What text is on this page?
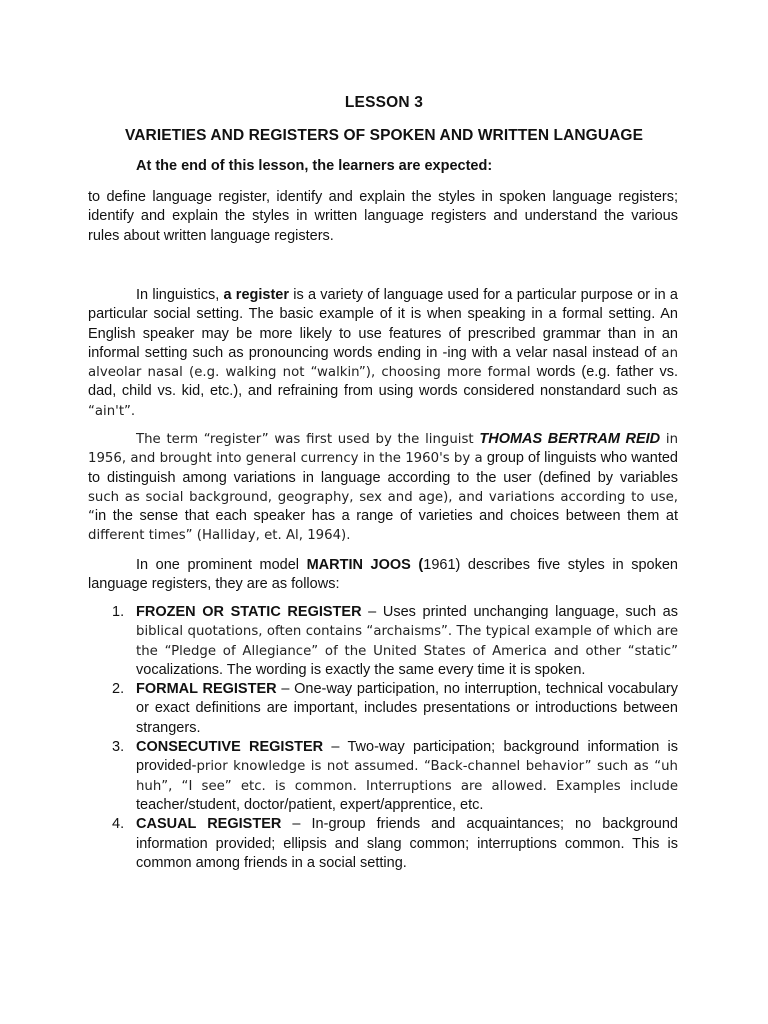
LESSON 3
VARIETIES AND REGISTERS OF SPOKEN AND WRITTEN LANGUAGE
At the end of this lesson, the learners are expected:
to define language register, identify and explain the styles in spoken language registers; identify and explain the styles in written language registers and understand the various rules about written language registers.
In linguistics, a register is a variety of language used for a particular purpose or in a particular social setting. The basic example of it is when speaking in a formal setting. An English speaker may be more likely to use features of prescribed grammar than in an informal setting such as pronouncing words ending in -ing with a velar nasal instead of an alveolar nasal (e.g. walking not “walkin”), choosing more formal words (e.g. father vs. dad, child vs. kid, etc.), and refraining from using words considered nonstandard such as “ain't”.
The term “register” was first used by the linguist THOMAS BERTRAM REID in 1956, and brought into general currency in the 1960's by a group of linguists who wanted to distinguish among variations in language according to the user (defined by variables such as social background, geography, sex and age), and variations according to use, “in the sense that each speaker has a range of varieties and choices between them at different times” (Halliday, et. Al, 1964).
In one prominent model MARTIN JOOS (1961) describes five styles in spoken language registers, they are as follows:
1. FROZEN OR STATIC REGISTER – Uses printed unchanging language, such as biblical quotations, often contains “archaisms”. The typical example of which are the “Pledge of Allegiance” of the United States of America and other “static” vocalizations. The wording is exactly the same every time it is spoken.
2. FORMAL REGISTER – One-way participation, no interruption, technical vocabulary or exact definitions are important, includes presentations or introductions between strangers.
3. CONSECUTIVE REGISTER – Two-way participation; background information is provided-prior knowledge is not assumed. “Back-channel behavior” such as “uh huh”, “I see” etc. is common. Interruptions are allowed. Examples include teacher/student, doctor/patient, expert/apprentice, etc.
4. CASUAL REGISTER – In-group friends and acquaintances; no background information provided; ellipsis and slang common; interruptions common. This is common among friends in a social setting.
